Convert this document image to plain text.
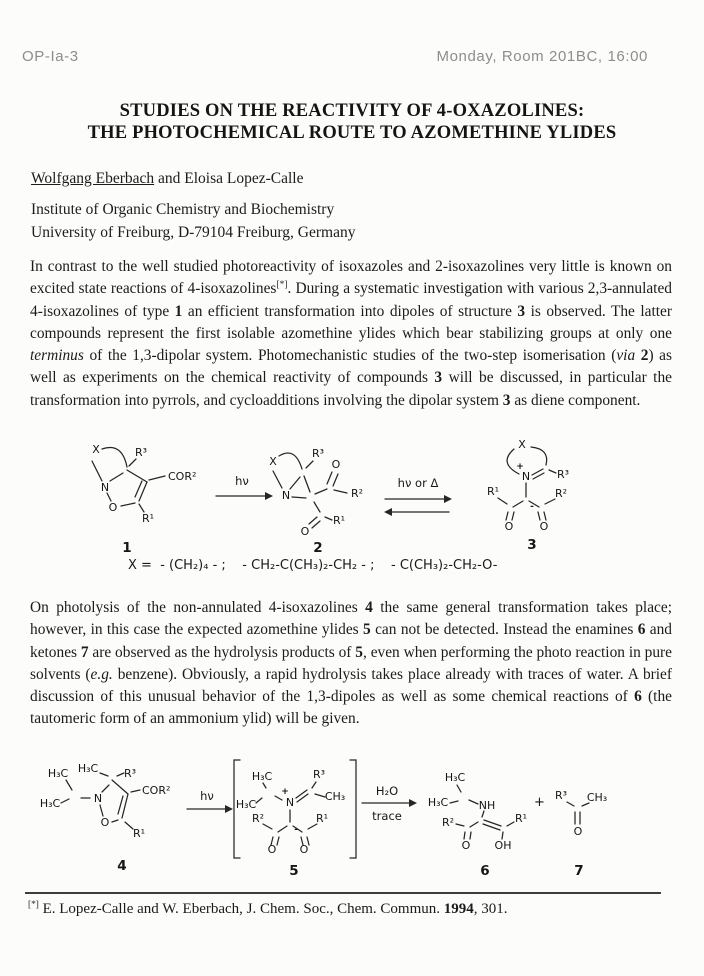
OP-Ia-3	Monday, Room 201BC, 16:00
STUDIES ON THE REACTIVITY OF 4-OXAZOLINES:
THE PHOTOCHEMICAL ROUTE TO AZOMETHINE YLIDES

Wolfgang Eberbach and Eloisa Lopez-Calle

Institute of Organic Chemistry and Biochemistry
University of Freiburg, D-79104 Freiburg, Germany

In contrast to the well studied photoreactivity of isoxazoles and 2-isoxazolines very little is known on excited state reactions of 4-isoxazolines[*]. During a systematic investigation with various 2,3-annulated 4-isoxazolines of type 1 an efficient transformation into dipoles of structure 3 is observed. The latter compounds represent the first isolable azomethine ylides which bear stabilizing groups at only one terminus of the 1,3-dipolar system. Photomechanistic studies of the two-step isomerisation (via 2) as well as experiments on the chemical reactivity of compounds 3 will be discussed, in particular the transformation into pyrrols, and cycloadditions involving the dipolar system 3 as diene component.

X
N
O
R³
COR²
R¹
1
hν
X
N
R³
O
R²
O
R¹
2
hν or Δ
X
+
N R³
R¹	R²
-
O O
3
X =  - (CH₂)₄ - ;    - CH₂-C(CH₃)₂-CH₂ - ;    - C(CH₃)₂-CH₂-O-

On photolysis of the non-annulated 4-isoxazolines 4 the same general transformation takes place; however, in this case the expected azomethine ylides 5 can not be detected. Instead the enamines 6 and ketones 7 are observed as the hydrolysis products of 5, even when performing the photo reaction in pure solvents (e.g. benzene). Obviously, a rapid hydrolysis takes place already with traces of water. A brief discussion of this unusual behavior of the 1,3-dipoles as well as some chemical reactions of 6 (the tautomeric form of an ammonium ylid) will be given.

H₃C H₃C R³
H₃C	N
O
COR²
R¹
4
hν
H₃C
H₃C
+
N
R³
CH₃
R²	R¹
-
O O
5
H₂O
trace
H₃C
H₃C	NH
R²	R¹
O OH
6
+ R³ CH₃
O
7

[*] E. Lopez-Calle and W. Eberbach, J. Chem. Soc., Chem. Commun. 1994, 301.
